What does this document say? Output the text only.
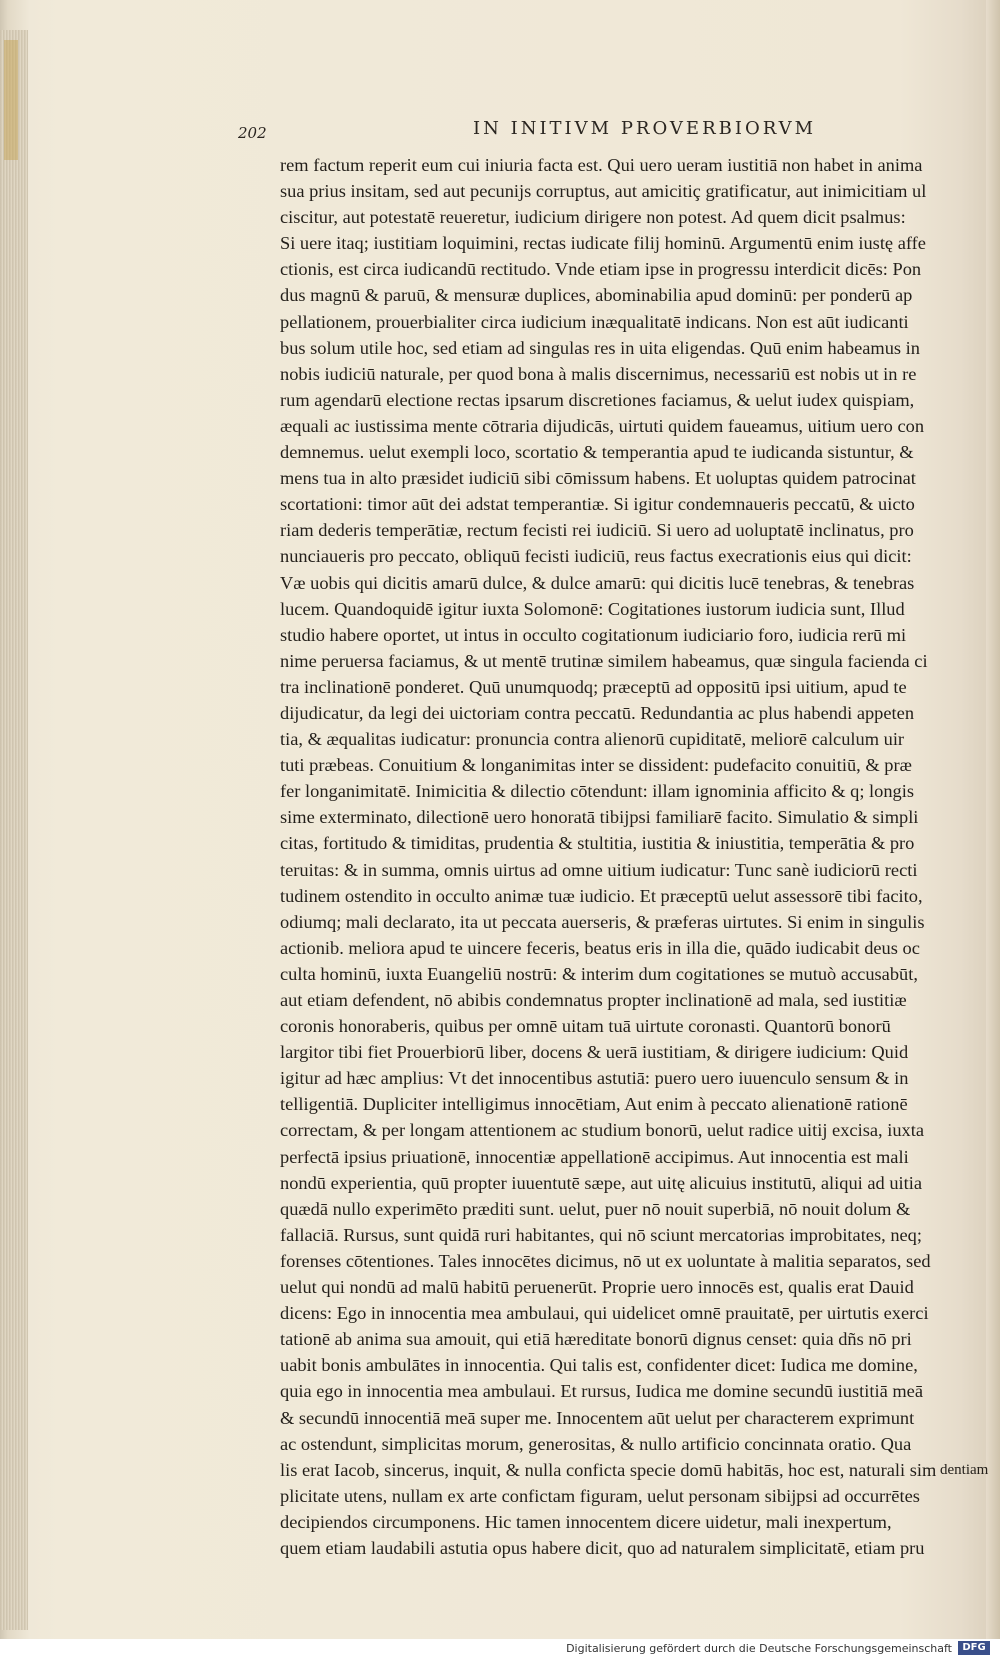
202	IN INITIVM PROVERBIORVM
rem factum reperit eum cui iniuria facta est. Qui uero ueram iustitiā non habet in anima
sua prius insitam, sed aut pecunijs corruptus, aut amicitiç gratificatur, aut inimicitiam ul
ciscitur, aut potestatē reueretur, iudicium dirigere non potest. Ad quem dicit psalmus:
Si uere itaq; iustitiam loquimini, rectas iudicate filij hominū. Argumentū enim iustę affe
ctionis, est circa iudicandū rectitudo. Vnde etiam ipse in progressu interdicit dicēs: Pon
dus magnū & paruū, & mensuræ duplices, abominabilia apud dominū: per ponderū ap
pellationem, prouerbialiter circa iudicium inæqualitatē indicans. Non est aūt iudicanti
bus solum utile hoc, sed etiam ad singulas res in uita eligendas. Quū enim habeamus in
nobis iudiciū naturale, per quod bona à malis discernimus, necessariū est nobis ut in re
rum agendarū electione rectas ipsarum discretiones faciamus, & uelut iudex quispiam,
æquali ac iustissima mente cōtraria dijudicās, uirtuti quidem faueamus, uitium uero con
demnemus. uelut exempli loco, scortatio & temperantia apud te iudicanda sistuntur, &
mens tua in alto præsidet iudiciū sibi cōmissum habens. Et uoluptas quidem patrocinat
scortationi: timor aūt dei adstat temperantiæ. Si igitur condemnaueris peccatū, & uicto
riam dederis temperātiæ, rectum fecisti rei iudiciū. Si uero ad uoluptatē inclinatus, pro
nunciaueris pro peccato, obliquū fecisti iudiciū, reus factus execrationis eius qui dicit:
Væ uobis qui dicitis amarū dulce, & dulce amarū: qui dicitis lucē tenebras, & tenebras
lucem. Quandoquidē igitur iuxta Solomonē: Cogitationes iustorum iudicia sunt, Illud
studio habere oportet, ut intus in occulto cogitationum iudiciario foro, iudicia rerū mi
nime peruersa faciamus, & ut mentē trutinæ similem habeamus, quæ singula facienda ci
tra inclinationē ponderet. Quū unumquodq; præceptū ad oppositū ipsi uitium, apud te
dijudicatur, da legi dei uictoriam contra peccatū. Redundantia ac plus habendi appeten
tia, & æqualitas iudicatur: pronuncia contra alienorū cupiditatē, meliorē calculum uir
tuti præbeas. Conuitium & longanimitas inter se dissident: pudefacito conuitiū, & præ
fer longanimitatē. Inimicitia & dilectio cōtendunt: illam ignominia afficito & q; longis
sime exterminato, dilectionē uero honoratā tibijpsi familiarē facito. Simulatio & simpli
citas, fortitudo & timiditas, prudentia & stultitia, iustitia & iniustitia, temperātia & pro
teruitas: & in summa, omnis uirtus ad omne uitium iudicatur: Tunc sanè iudiciorū recti
tudinem ostendito in occulto animæ tuæ iudicio. Et præceptū uelut assessorē tibi facito,
odiumq; mali declarato, ita ut peccata auerseris, & præferas uirtutes. Si enim in singulis
actionib. meliora apud te uincere feceris, beatus eris in illa die, quādo iudicabit deus oc
culta hominū, iuxta Euangeliū nostrū: & interim dum cogitationes se mutuò accusabūt,
aut etiam defendent, nō abibis condemnatus propter inclinationē ad mala, sed iustitiæ
coronis honoraberis, quibus per omnē uitam tuā uirtute coronasti. Quantorū bonorū
largitor tibi fiet Prouerbiorū liber, docens & uerā iustitiam, & dirigere iudicium: Quid
igitur ad hæc amplius: Vt det innocentibus astutiā: puero uero iuuenculo sensum & in
telligentiā. Dupliciter intelligimus innocētiam, Aut enim à peccato alienationē rationē
correctam, & per longam attentionem ac studium bonorū, uelut radice uitij excisa, iuxta
perfectā ipsius priuationē, innocentiæ appellationē accipimus. Aut innocentia est mali
nondū experientia, quū propter iuuentutē sæpe, aut uitę alicuius institutū, aliqui ad uitia
quædā nullo experimēto præditi sunt. uelut, puer nō nouit superbiā, nō nouit dolum &
fallaciā. Rursus, sunt quidā ruri habitantes, qui nō sciunt mercatorias improbitates, neq;
forenses cōtentiones. Tales innocētes dicimus, nō ut ex uoluntate à malitia separatos, sed
uelut qui nondū ad malū habitū peruenerūt. Proprie uero innocēs est, qualis erat Dauid
dicens: Ego in innocentia mea ambulaui, qui uidelicet omnē prauitatē, per uirtutis exerci
tationē ab anima sua amouit, qui etiā hæreditate bonorū dignus censet: quia dñs nō pri
uabit bonis ambulātes in innocentia. Qui talis est, confidenter dicet: Iudica me domine,
quia ego in innocentia mea ambulaui. Et rursus, Iudica me domine secundū iustitiā meā
& secundū innocentiā meā super me. Innocentem aūt uelut per characterem exprimunt
ac ostendunt, simplicitas morum, generositas, & nullo artificio concinnata oratio. Qua
lis erat Iacob, sincerus, inquit, & nulla conficta specie domū habitās, hoc est, naturali sim
plicitate utens, nullam ex arte confictam figuram, uelut personam sibijpsi ad occurrētes
decipiendos circumponens. Hic tamen innocentem dicere uidetur, mali inexpertum,
quem etiam laudabili astutia opus habere dicit, quo ad naturalem simplicitatē, etiam pru
dentiam
Digitalisierung gefördert durch die Deutsche Forschungsgemeinschaft	DFG
